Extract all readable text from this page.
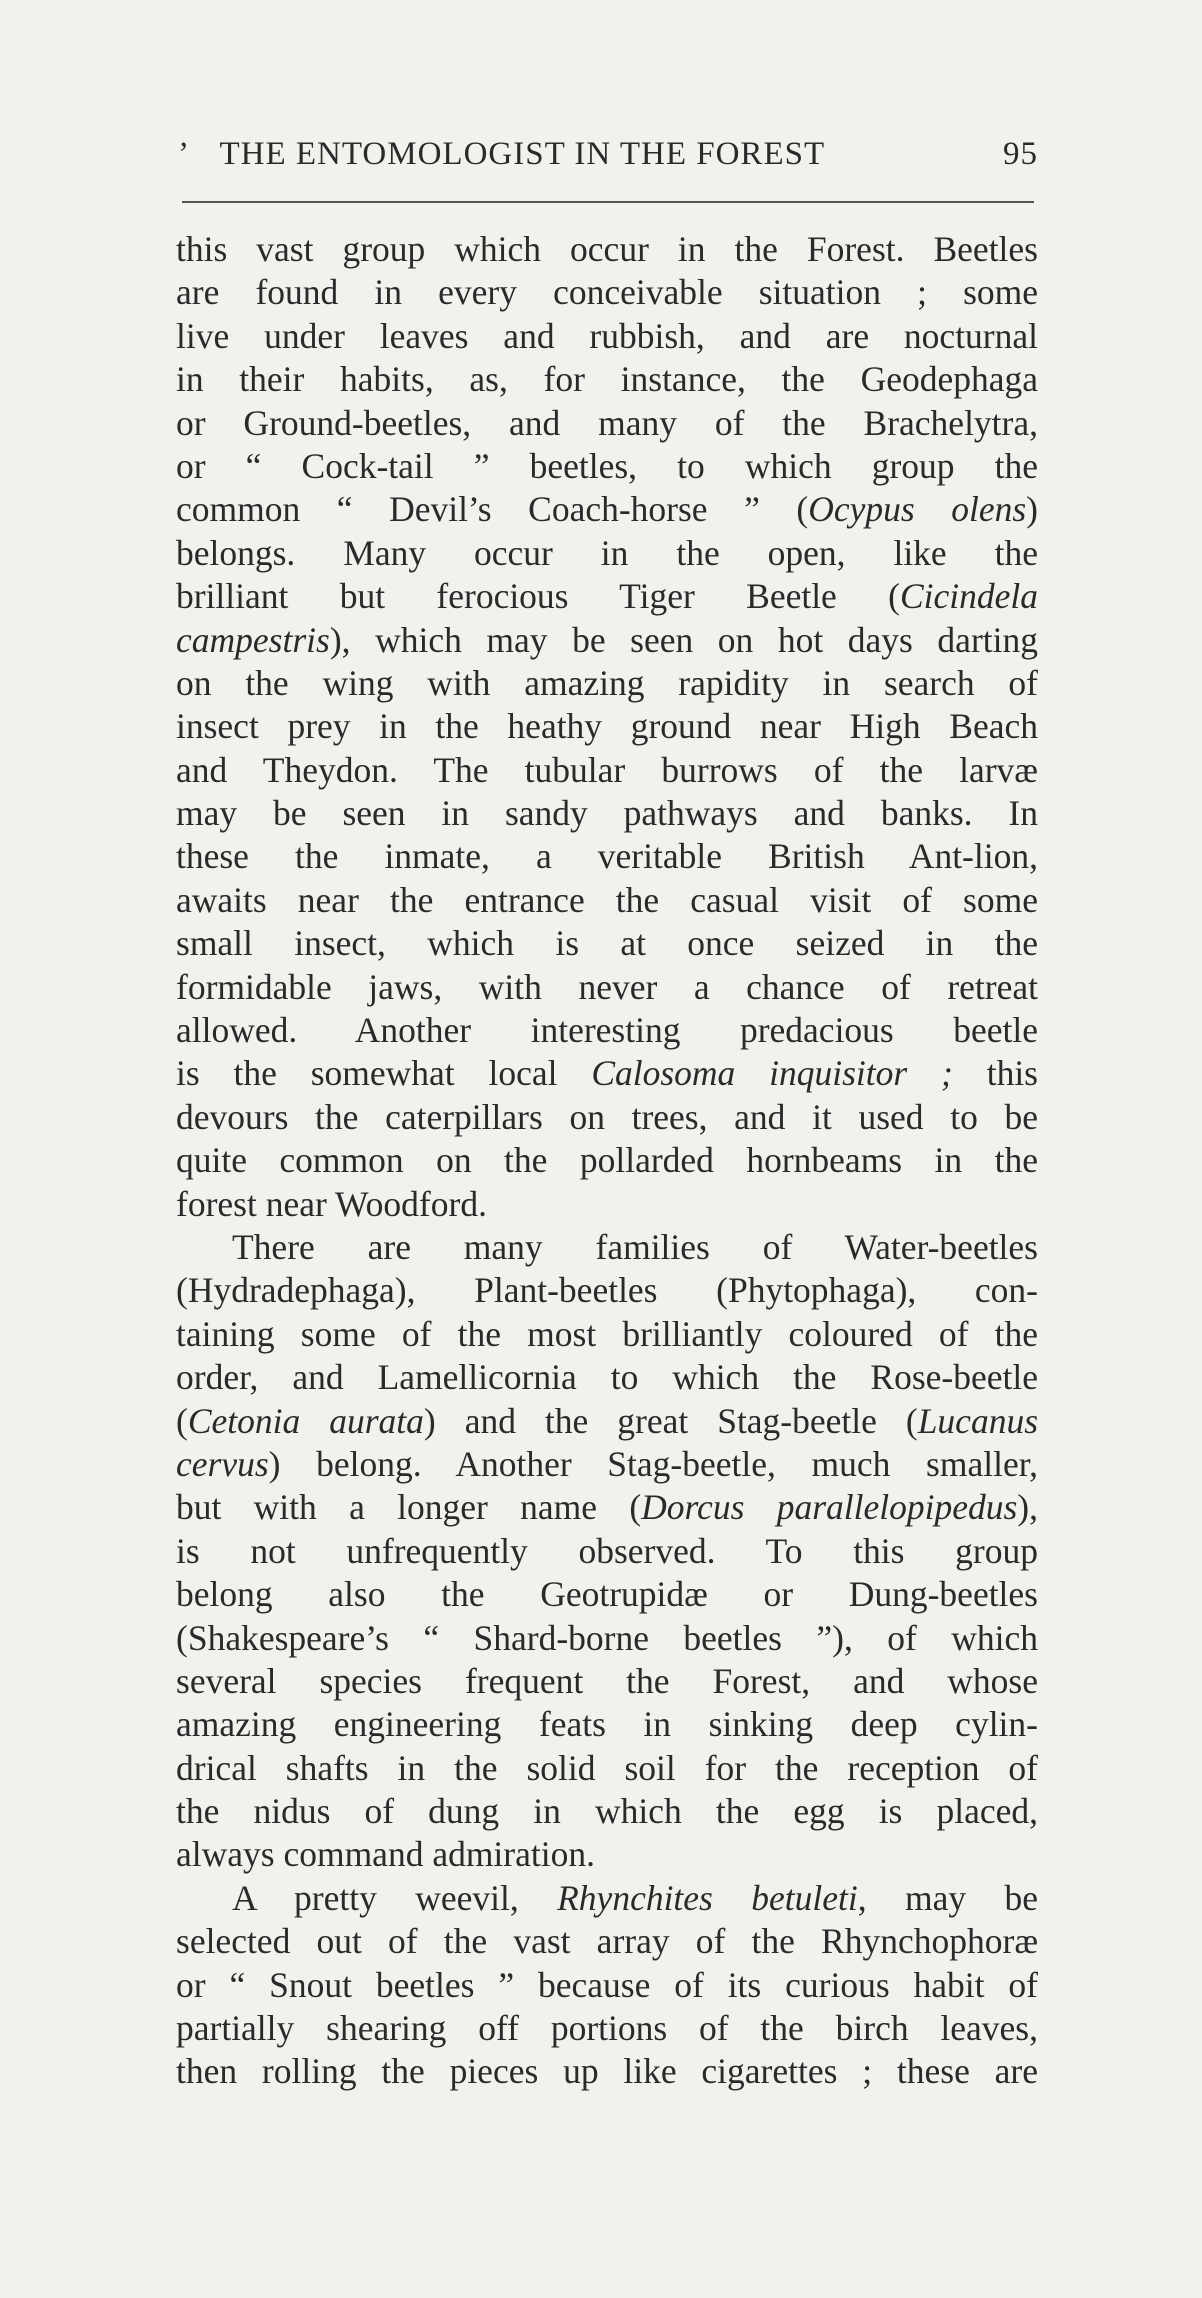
’ THE ENTOMOLOGIST IN THE FOREST	95
this vast group which occur in the Forest. Beetles
are found in every conceivable situation ; some
live under leaves and rubbish, and are nocturnal
in their habits, as, for instance, the Geodephaga
or Ground-beetles, and many of the Brachelytra,
or “ Cock-tail ” beetles, to which group the
common “ Devil’s Coach-horse ” (Ocypus olens)
belongs. Many occur in the open, like the
brilliant but ferocious Tiger Beetle (Cicindela
campestris), which may be seen on hot days darting
on the wing with amazing rapidity in search of
insect prey in the heathy ground near High Beach
and Theydon. The tubular burrows of the larvæ
may be seen in sandy pathways and banks. In
these the inmate, a veritable British Ant-lion,
awaits near the entrance the casual visit of some
small insect, which is at once seized in the
formidable jaws, with never a chance of retreat
allowed. Another interesting predacious beetle
is the somewhat local Calosoma inquisitor ; this
devours the caterpillars on trees, and it used to be
quite common on the pollarded hornbeams in the
forest near Woodford.
There are many families of Water-beetles
(Hydradephaga), Plant-beetles (Phytophaga), con-
taining some of the most brilliantly coloured of the
order, and Lamellicornia to which the Rose-beetle
(Cetonia aurata) and the great Stag-beetle (Lucanus
cervus) belong. Another Stag-beetle, much smaller,
but with a longer name (Dorcus parallelopipedus),
is not unfrequently observed. To this group
belong also the Geotrupidæ or Dung-beetles
(Shakespeare’s “ Shard-borne beetles ”), of which
several species frequent the Forest, and whose
amazing engineering feats in sinking deep cylin-
drical shafts in the solid soil for the reception of
the nidus of dung in which the egg is placed,
always command admiration.
A pretty weevil, Rhynchites betuleti, may be
selected out of the vast array of the Rhynchophoræ
or “ Snout beetles ” because of its curious habit of
partially shearing off portions of the birch leaves,
then rolling the pieces up like cigarettes ; these are
